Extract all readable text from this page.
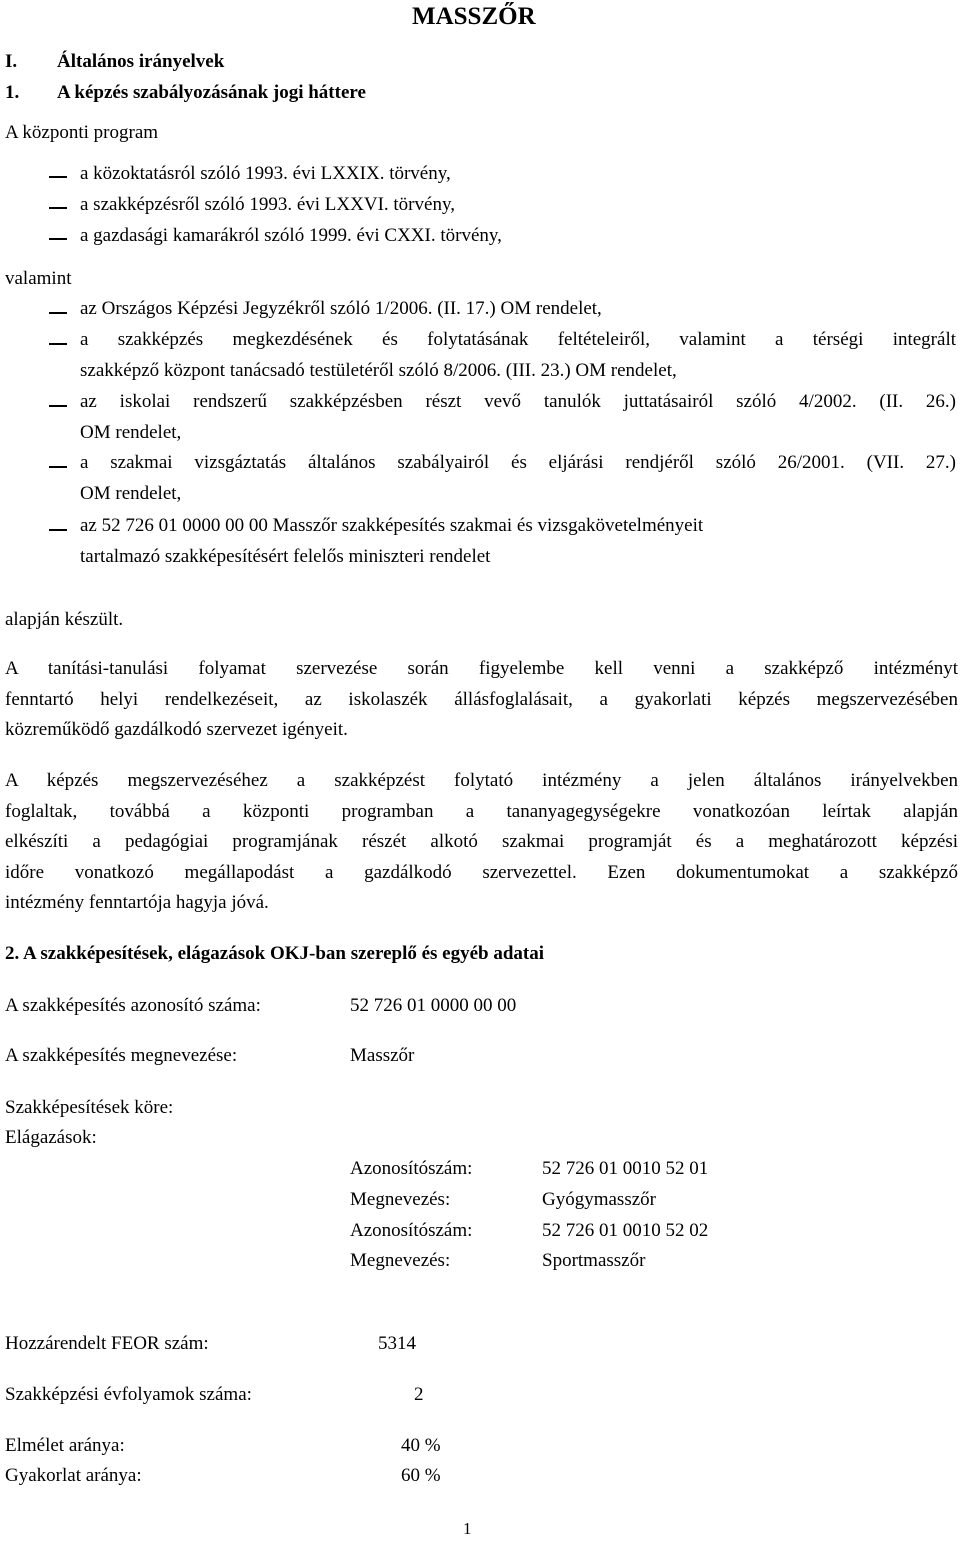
MASSZŐR
I. Általános irányelvek
1. A képzés szabályozásának jogi háttere
A központi program
a közoktatásról szóló 1993. évi LXXIX. törvény,
a szakképzésről szóló 1993. évi LXXVI. törvény,
a gazdasági kamarákról szóló 1999. évi CXXI. törvény,
valamint
az Országos Képzési Jegyzékről szóló 1/2006. (II. 17.) OM rendelet,
a szakképzés megkezdésének és folytatásának feltételeiről, valamint a térségi integrált
szakképző központ tanácsadó testületéről szóló 8/2006. (III. 23.) OM rendelet,
az iskolai rendszerű szakképzésben részt vevő tanulók juttatásairól szóló 4/2002. (II. 26.)
OM rendelet,
a szakmai vizsgáztatás általános szabályairól és eljárási rendjéről szóló 26/2001. (VII. 27.)
OM rendelet,
az 52 726 01 0000 00 00 Masszőr szakképesítés szakmai és vizsgakövetelményeit
tartalmazó szakképesítésért felelős miniszteri rendelet
alapján készült.
A tanítási-tanulási folyamat szervezése során figyelembe kell venni a szakképző intézményt
fenntartó helyi rendelkezéseit, az iskolaszék állásfoglalásait, a gyakorlati képzés megszervezésében
közreműködő gazdálkodó szervezet igényeit.
A képzés megszervezéséhez a szakképzést folytató intézmény a jelen általános irányelvekben
foglaltak, továbbá a központi programban a tananyagegységekre vonatkozóan leírtak alapján
elkészíti a pedagógiai programjának részét alkotó szakmai programját és a meghatározott képzési
időre vonatkozó megállapodást a gazdálkodó szervezettel. Ezen dokumentumokat a szakképző
intézmény fenntartója hagyja jóvá.
2. A szakképesítések, elágazások OKJ-ban szereplő és egyéb adatai
A szakképesítés azonosító száma:	52 726 01 0000 00 00
A szakképesítés megnevezése:	Masszőr
Szakképesítések köre:
Elágazások:
Azonosítószám:	52 726 01 0010 52 01
Megnevezés:	Gyógymasszőr
Azonosítószám:	52 726 01 0010 52 02
Megnevezés:	Sportmasszőr
Hozzárendelt FEOR szám:	5314
Szakképzési évfolyamok száma:	2
Elmélet aránya:	40 %
Gyakorlat aránya:	60 %
1
